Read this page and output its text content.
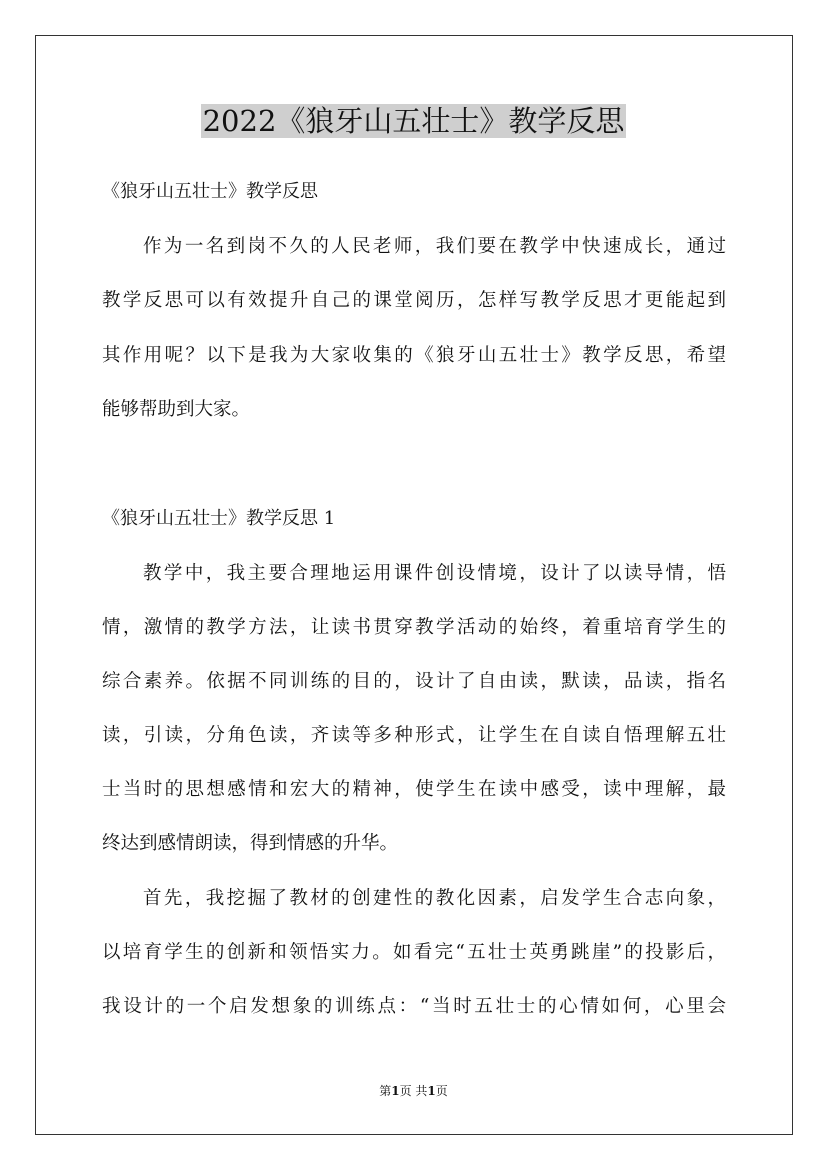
2022《狼牙山五壮士》教学反思
《狼牙山五壮士》教学反思
作为一名到岗不久的人民老师，我们要在教学中快速成长，通过
教学反思可以有效提升自己的课堂阅历，怎样写教学反思才更能起到
其作用呢？以下是我为大家收集的《狼牙山五壮士》教学反思，希望
能够帮助到大家。
《狼牙山五壮士》教学反思 1
教学中，我主要合理地运用课件创设情境，设计了以读导情，悟
情，激情的教学方法，让读书贯穿教学活动的始终，着重培育学生的
综合素养。依据不同训练的目的，设计了自由读，默读，品读，指名
读，引读，分角色读，齐读等多种形式，让学生在自读自悟理解五壮
士当时的思想感情和宏大的精神，使学生在读中感受，读中理解，最
终达到感情朗读，得到情感的升华。
首先，我挖掘了教材的创建性的教化因素，启发学生合志向象，
以培育学生的创新和领悟实力。如看完“五壮士英勇跳崖”的投影后，
我设计的一个启发想象的训练点：“当时五壮士的心情如何，心里会
第1页 共1页
